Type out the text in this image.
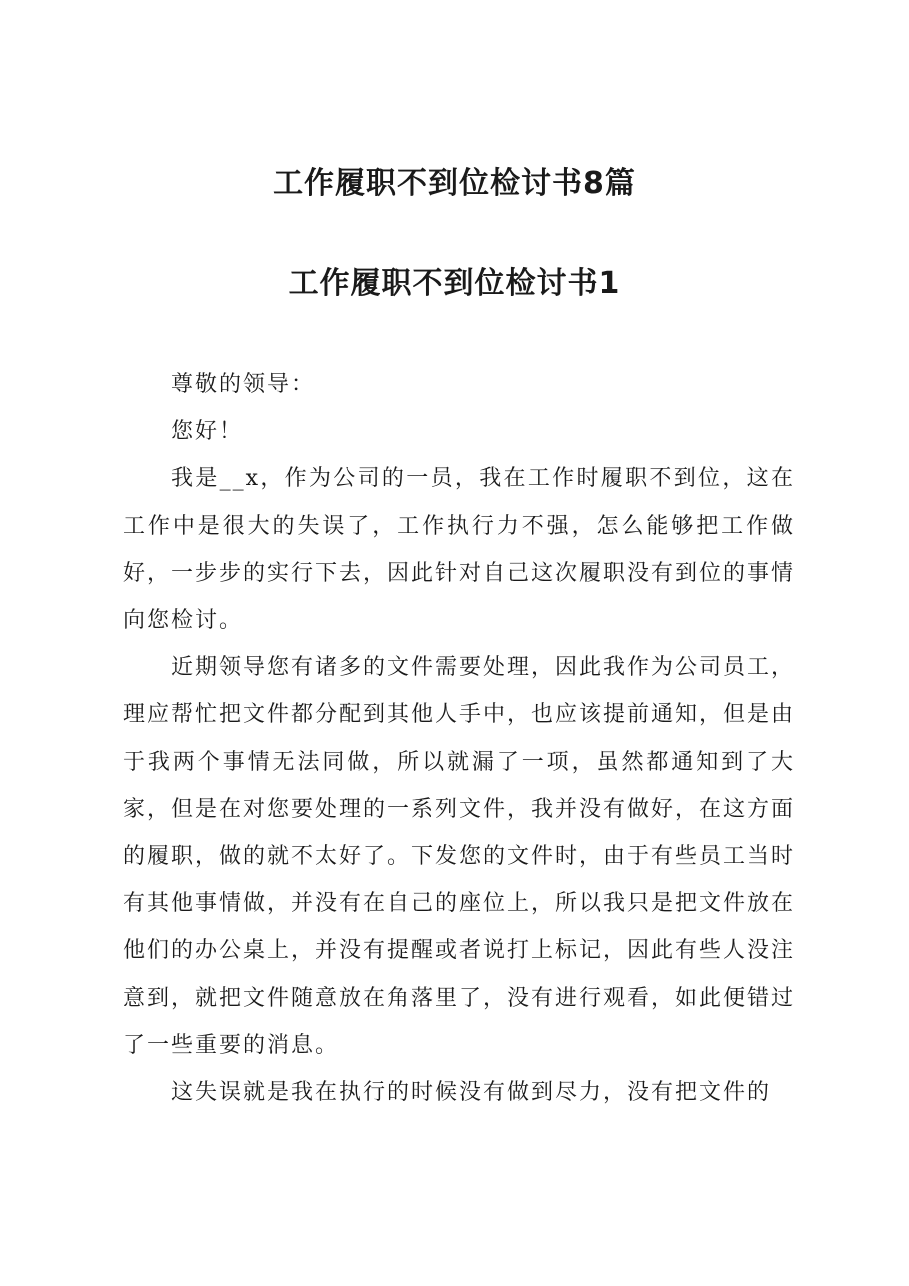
工作履职不到位检讨书8篇
工作履职不到位检讨书1

尊敬的领导：

您好！

我是__x，作为公司的一员，我在工作时履职不到位，这在工作中是很大的失误了，工作执行力不强，怎么能够把工作做好，一步步的实行下去，因此针对自己这次履职没有到位的事情向您检讨。

近期领导您有诸多的文件需要处理，因此我作为公司员工，理应帮忙把文件都分配到其他人手中，也应该提前通知，但是由于我两个事情无法同做，所以就漏了一项，虽然都通知到了大家，但是在对您要处理的一系列文件，我并没有做好，在这方面的履职，做的就不太好了。下发您的文件时，由于有些员工当时有其他事情做，并没有在自己的座位上，所以我只是把文件放在他们的办公桌上，并没有提醒或者说打上标记，因此有些人没注意到，就把文件随意放在角落里了，没有进行观看，如此便错过了一些重要的消息。

这失误就是我在执行的时候没有做到尽力，没有把文件的
